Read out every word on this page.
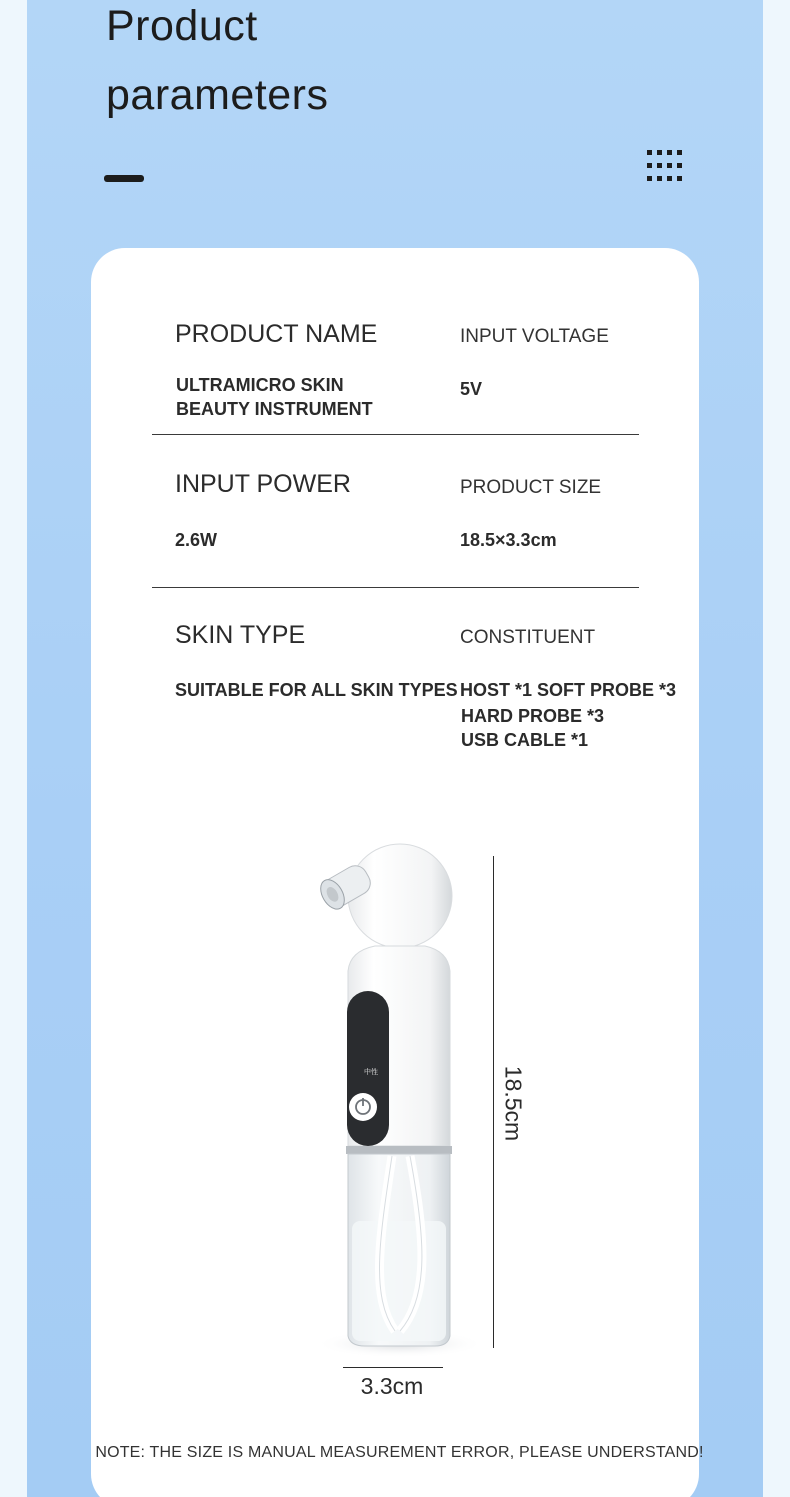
Product
parameters
PRODUCT NAME
ULTRAMICRO SKIN
BEAUTY INSTRUMENT
INPUT VOLTAGE
5V
INPUT POWER
2.6W
PRODUCT SIZE
18.5×3.3cm
SKIN TYPE
SUITABLE FOR ALL SKIN TYPES
CONSTITUENT
HOST *1 SOFT PROBE *3
HARD PROBE *3
USB CABLE *1
中性	18.5cm
3.3cm
NOTE: THE SIZE IS MANUAL MEASUREMENT ERROR, PLEASE UNDERSTAND!
